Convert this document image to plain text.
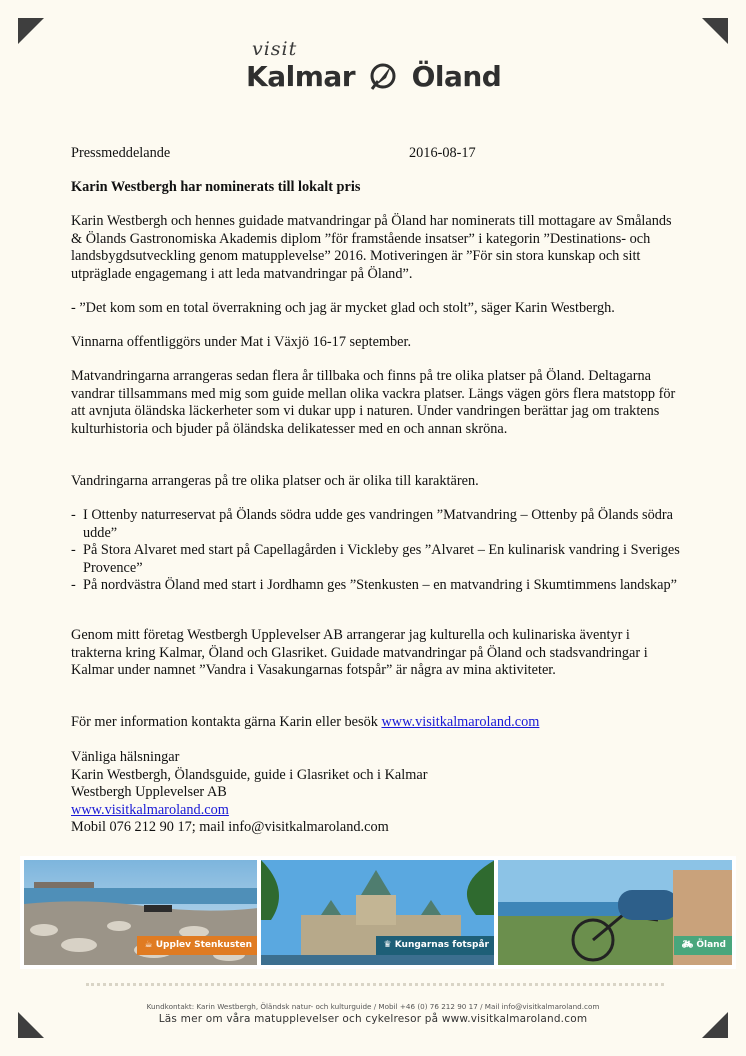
visit
Kalmar Öland
Pressmeddelande	2016-08-17
Karin Westbergh har nominerats till lokalt pris
Karin Westbergh och hennes guidade matvandringar på Öland har nominerats till mottagare av Smålands & Ölands Gastronomiska Akademis diplom ”för framstående insatser” i kategorin ”Destinations- och landsbygdsutveckling genom matupplevelse” 2016. Motiveringen är ”För sin stora kunskap och sitt utpräglade engagemang i att leda matvandringar på Öland”.
- ”Det kom som en total överrakning och jag är mycket glad och stolt”, säger Karin Westbergh.
Vinnarna offentliggörs under Mat i Växjö 16-17 september.
Matvandringarna arrangeras sedan flera år tillbaka och finns på tre olika platser på Öland. Deltagarna vandrar tillsammans med mig som guide mellan olika vackra platser. Längs vägen görs flera matstopp för att avnjuta öländska läckerheter som vi dukar upp i naturen. Under vandringen berättar jag om traktens kulturhistoria och bjuder på öländska delikatesser med en och annan skröna.
Vandringarna arrangeras på tre olika platser och är olika till karaktären.
- I Ottenby naturreservat på Ölands södra udde ges vandringen ”Matvandring – Ottenby på Ölands södra udde”
- På Stora Alvaret med start på Capellagården i Vickleby ges ”Alvaret – En kulinarisk vandring i Sveriges Provence”
- På nordvästra Öland med start i Jordhamn ges ”Stenkusten – en matvandring i Skumtimmens landskap”
Genom mitt företag Westbergh Upplevelser AB arrangerar jag kulturella och kulinariska äventyr i trakterna kring Kalmar, Öland och Glasriket. Guidade matvandringar på Öland och stadsvandringar i Kalmar under namnet ”Vandra i Vasakungarnas fotspår” är några av mina aktiviteter.
För mer information kontakta gärna Karin eller besök www.visitkalmaroland.com

Vänliga hälsningar

Karin Westbergh, Ölandsguide, guide i Glasriket och i Kalmar

Westbergh Upplevelser AB

www.visitkalmaroland.com

Mobil 076 212 90 17; mail info@visitkalmaroland.com

☕ Upplev Stenkusten	♛ Kungarnas fotspår	🚲︎ Öland
Kundkontakt: Karin Westbergh, Öländsk natur- och kulturguide / Mobil +46 (0) 76 212 90 17 / Mail info@visitkalmaroland.com
Läs mer om våra matupplevelser och cykelresor på www.visitkalmaroland.com
